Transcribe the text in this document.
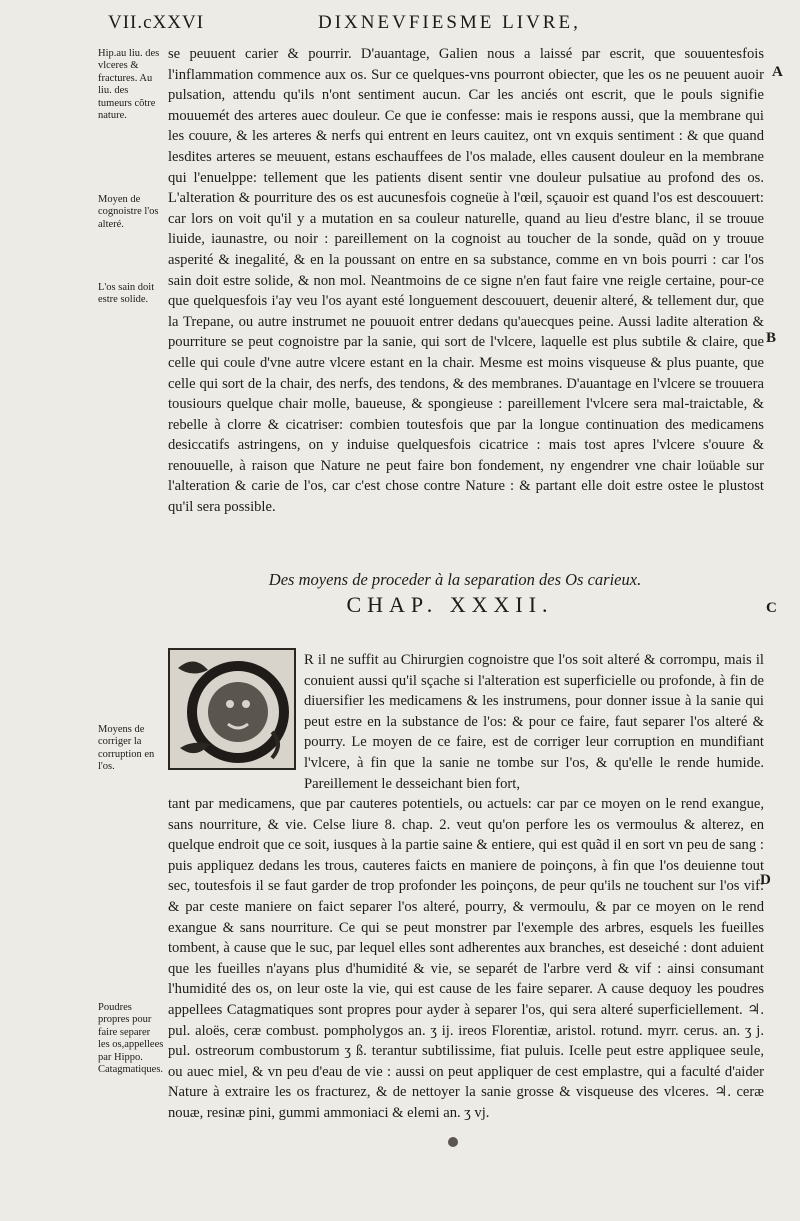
VII.cXXVI	DIXNEVFIESME LIVRE,
Hip.au liu. des vlceres & fractures. Au liu. des tumeurs cõtre nature.
Moyen de cognoistre l'os alteré.
L'os sain doit estre solide.
Moyens de corriger la corruption en l'os.
Poudres propres pour faire separer les os,appellees par Hippo. Catagmatiques.
A
B
C
D

se peuuent carier & pourrir. D'auantage, Galien nous a laissé par escrit, que souuentesfois l'inflammation commence aux os. Sur ce quelques-vns pourront obiecter, que les os ne peuuent auoir pulsation, attendu qu'ils n'ont sentiment aucun. Car les anciés ont escrit, que le pouls signifie mouuemét des arteres auec douleur. Ce que ie confesse: mais ie respons aussi, que la membrane qui les couure, & les arteres & nerfs qui entrent en leurs cauitez, ont vn exquis sentiment : & que quand lesdites arteres se meuuent, estans eschauffees de l'os malade, elles causent douleur en la membrane qui l'enuelppe: tellement que les patients disent sentir vne douleur pulsatiue au profond des os. L'alteration & pourriture des os est aucunesfois cogneüe à l'œil, sçauoir est quand l'os est descouuert: car lors on voit qu'il y a mutation en sa couleur naturelle, quand au lieu d'estre blanc, il se trouue liuide, iaunastre, ou noir : pareillement on la cognoist au toucher de la sonde, quãd on y trouue asperité & inegalité, & en la poussant on entre en sa substance, comme en vn bois pourri : car l'os sain doit estre solide, & non mol. Neantmoins de ce signe n'en faut faire vne reigle certaine, pour-ce que quelquesfois i'ay veu l'os ayant esté longuement descouuert, deuenir alteré, & tellement dur, que la Trepane, ou autre instrumet ne pouuoit entrer dedans qu'auecques peine. Aussi ladite alteration & pourriture se peut cognoistre par la sanie, qui sort de l'vlcere, laquelle est plus subtile & claire, que celle qui coule d'vne autre vlcere estant en la chair. Mesme est moins visqueuse & plus puante, que celle qui sort de la chair, des nerfs, des tendons, & des membranes. D'auantage en l'vlcere se trouuera tousiours quelque chair molle, baueuse, & spongieuse : pareillement l'vlcere sera mal-traictable, & rebelle à clorre & cicatriser: combien toutesfois que par la longue continuation des medicamens desiccatifs astringens, on y induise quelquesfois cicatrice : mais tost apres l'vlcere s'ouure & renouuelle, à raison que Nature ne peut faire bon fondement, ny engendrer vne chair loüable sur l'alteration & carie de l'os, car c'est chose contre Nature : & partant elle doit estre ostee le plustost qu'il sera possible.

Des moyens de proceder à la separation des Os carieux.
CHAP. XXXII.

R il ne suffit au Chirurgien cognoistre que l'os soit alteré & corrompu, mais il conuient aussi qu'il sçache si l'alteration est superficielle ou profonde, à fin de diuersifier les medicamens & les instrumens, pour donner issue à la sanie qui peut estre en la substance de l'os: & pour ce faire, faut separer l'os alteré & pourry. Le moyen de ce faire, est de corriger leur corruption en mundifiant l'vlcere, à fin que la sanie ne tombe sur l'os, & qu'elle le rende humide. Pareillement le desseichant bien fort,

tant par medicamens, que par cauteres potentiels, ou actuels: car par ce moyen on le rend exangue, sans nourriture, & vie. Celse liure 8. chap. 2. veut qu'on perfore les os vermoulus & alterez, en quelque endroit que ce soit, iusques à la partie saine & entiere, qui est quãd il en sort vn peu de sang : puis appliquez dedans les trous, cauteres faicts en maniere de poinçons, à fin que l'os deuienne tout sec, toutesfois il se faut garder de trop profonder les poinçons, de peur qu'ils ne touchent sur l'os vif: & par ceste maniere on faict separer l'os alteré, pourry, & vermoulu, & par ce moyen on le rend exangue & sans nourriture. Ce qui se peut monstrer par l'exemple des arbres, esquels les fueilles tombent, à cause que le suc, par lequel elles sont adherentes aux branches, est deseiché : dont aduient que les fueilles n'ayans plus d'humidité & vie, se separét de l'arbre verd & vif : ainsi consumant l'humidité des os, on leur oste la vie, qui est cause de les faire separer. A cause dequoy les poudres appellees Catagmatiques sont propres pour ayder à separer l'os, qui sera alteré superficiellement. ♃. pul. aloës, ceræ combust. pompholygos an. ʒ ij. ireos Florentiæ, aristol. rotund. myrr. cerus. an. ʒ j. pul. ostreorum combustorum ʒ ß. terantur subtilissime, fiat puluis. Icelle peut estre appliquee seule, ou auec miel, & vn peu d'eau de vie : aussi on peut appliquer de cest emplastre, qui a faculté d'aider Nature à extraire les os fracturez, & de nettoyer la sanie grosse & visqueuse des vlceres. ♃. ceræ nouæ, resinæ pini, gummi ammoniaci & elemi an. ʒ vj.
